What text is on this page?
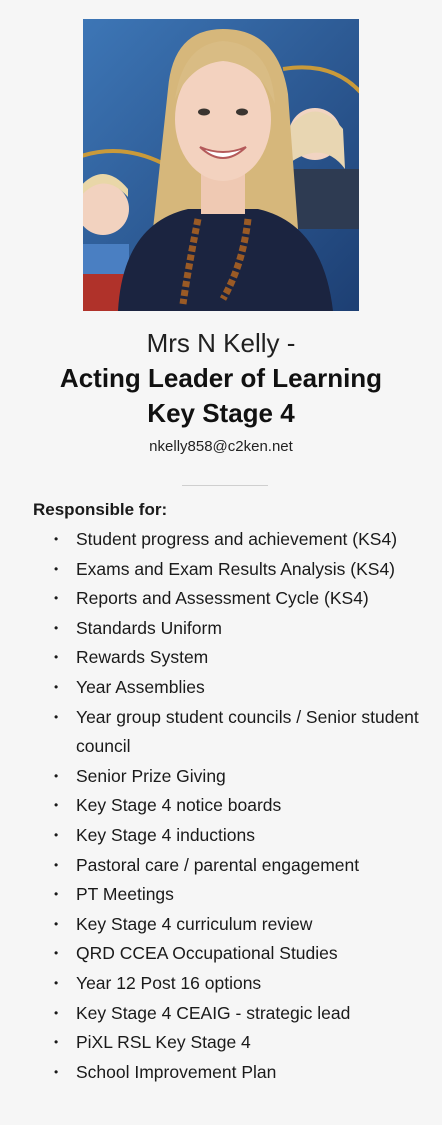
Mrs N Kelly -
Acting Leader of Learning
Key Stage 4
nkelly858@c2ken.net
Responsible for:
• Student progress and achievement (KS4)
• Exams and Exam Results Analysis (KS4)
• Reports and Assessment Cycle (KS4)
• Standards Uniform
• Rewards System
• Year Assemblies
• Year group student councils / Senior student council
• Senior Prize Giving
• Key Stage 4 notice boards
• Key Stage 4 inductions
• Pastoral care / parental engagement
• PT Meetings
• Key Stage 4 curriculum review
• QRD CCEA Occupational Studies
• Year 12 Post 16 options
• Key Stage 4 CEAIG - strategic lead
• PiXL RSL Key Stage 4
• School Improvement Plan
